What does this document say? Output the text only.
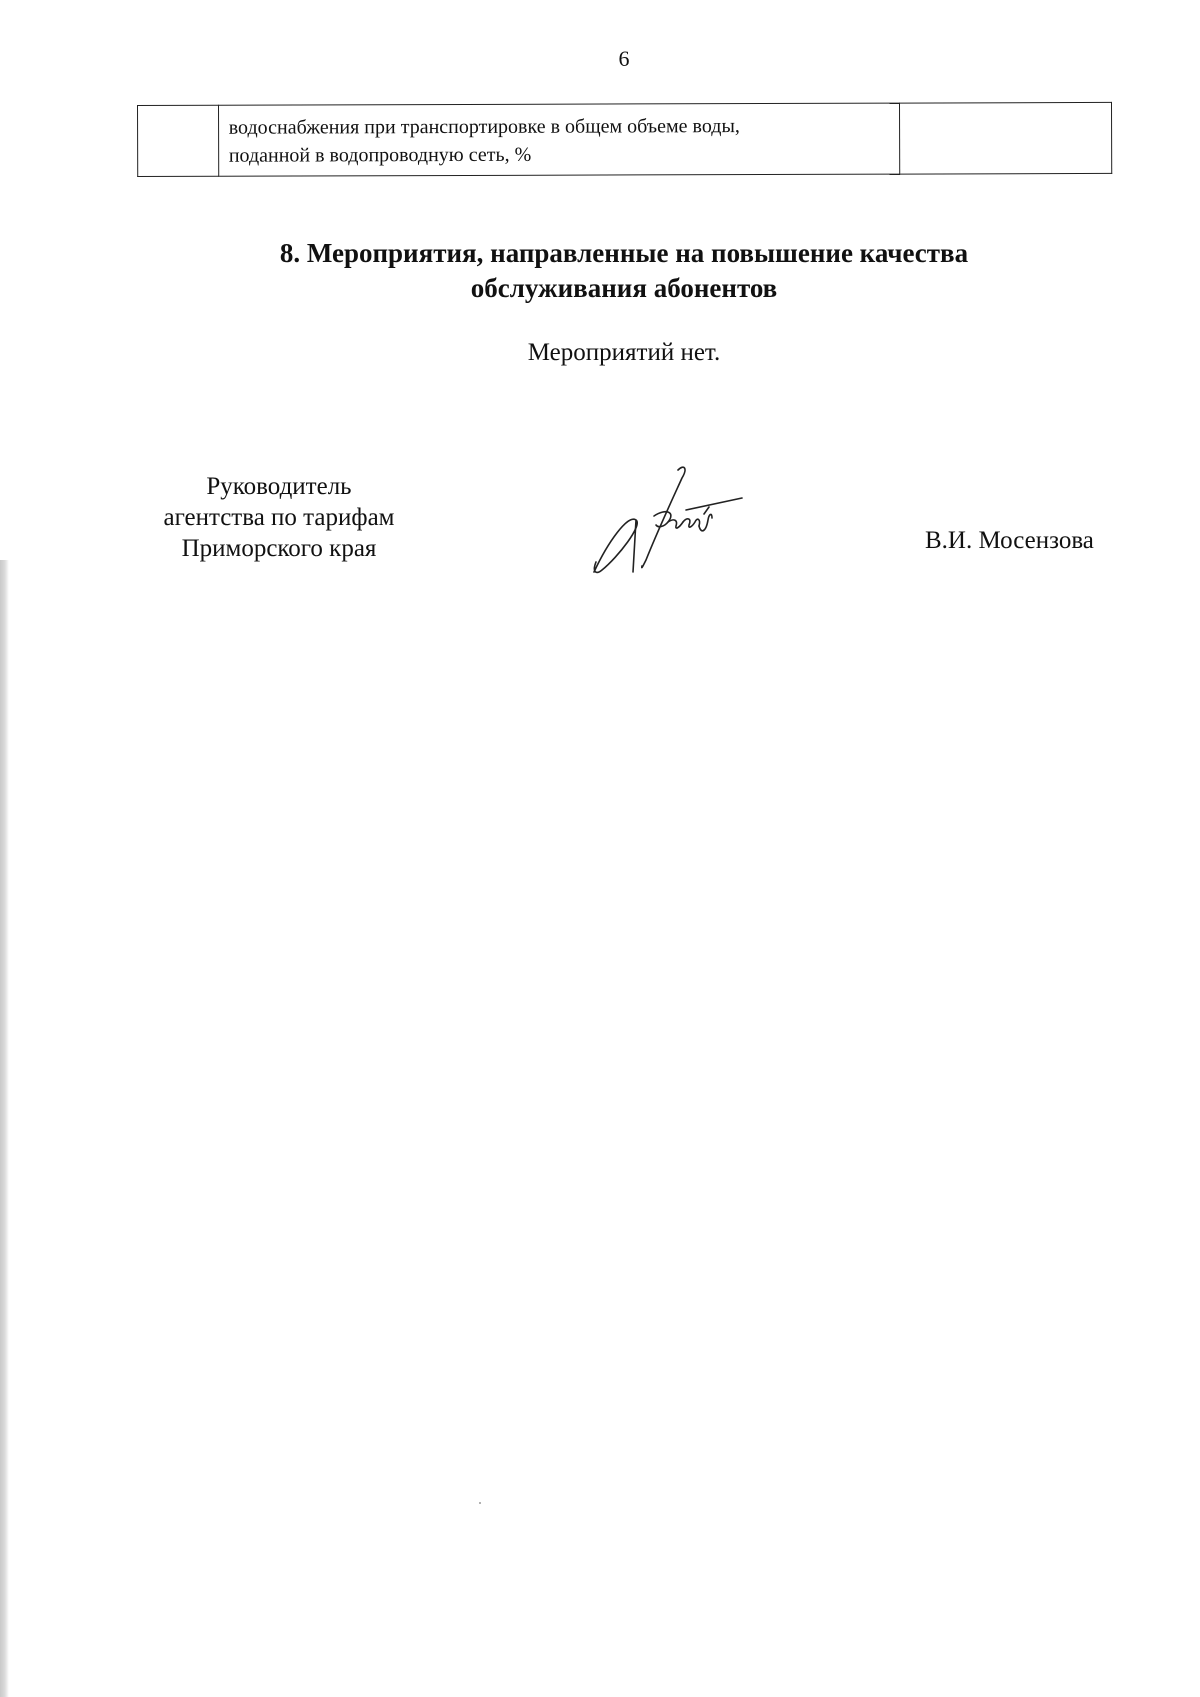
6

водоснабжения при транспортировке в общем объеме воды,
поданной в водопроводную сеть, %

8. Мероприятия, направленные на повышение качества
обслуживания абонентов
Мероприятий нет.
Руководитель
агентства по тарифам
Приморского края	В.И. Мосензова
